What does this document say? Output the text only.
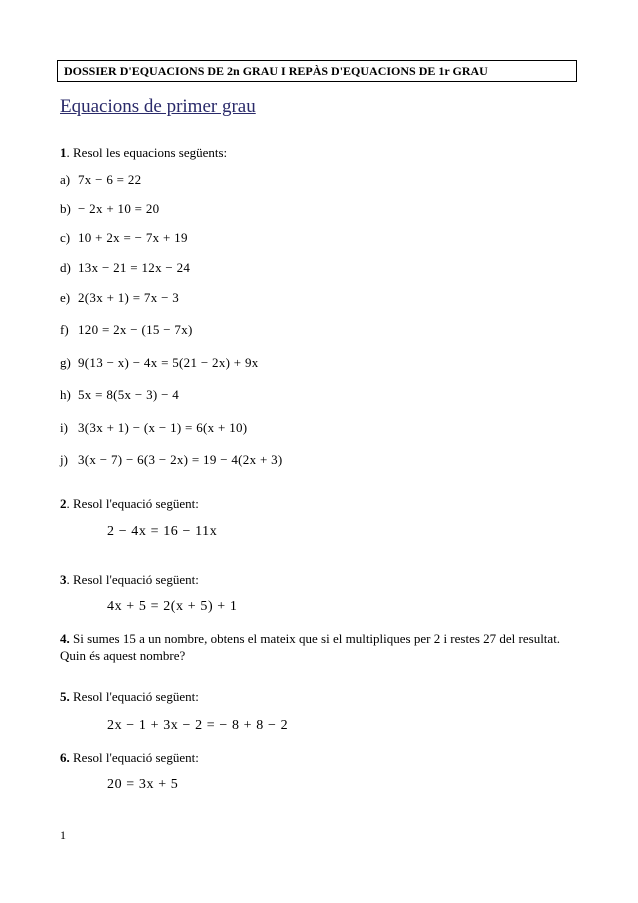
DOSSIER D'EQUACIONS DE 2n GRAU I REPÀS D'EQUACIONS DE 1r GRAU
Equacions de primer grau
1. Resol les equacions següents:
a) 7x − 6 = 22
b) − 2x + 10 = 20
c) 10 + 2x = − 7x + 19
d) 13x − 21 = 12x − 24
e) 2(3x + 1) = 7x − 3
f) 120 = 2x − (15 − 7x)
g) 9(13 − x) − 4x = 5(21 − 2x) + 9x
h) 5x = 8(5x − 3) − 4
i) 3(3x + 1) − (x − 1) = 6(x + 10)
j) 3(x − 7) − 6(3 − 2x) = 19 − 4(2x + 3)
2. Resol l'equació següent:
2 − 4x = 16 − 11x
3. Resol l'equació següent:
4x + 5 = 2(x + 5) + 1
4. Si sumes 15 a un nombre, obtens el mateix que si el multipliques per 2 i restes 27 del resultat. Quin és aquest nombre?
5. Resol l'equació següent:
2x − 1 + 3x − 2 = − 8 + 8 − 2
6. Resol l'equació següent:
20 = 3x + 5
1
